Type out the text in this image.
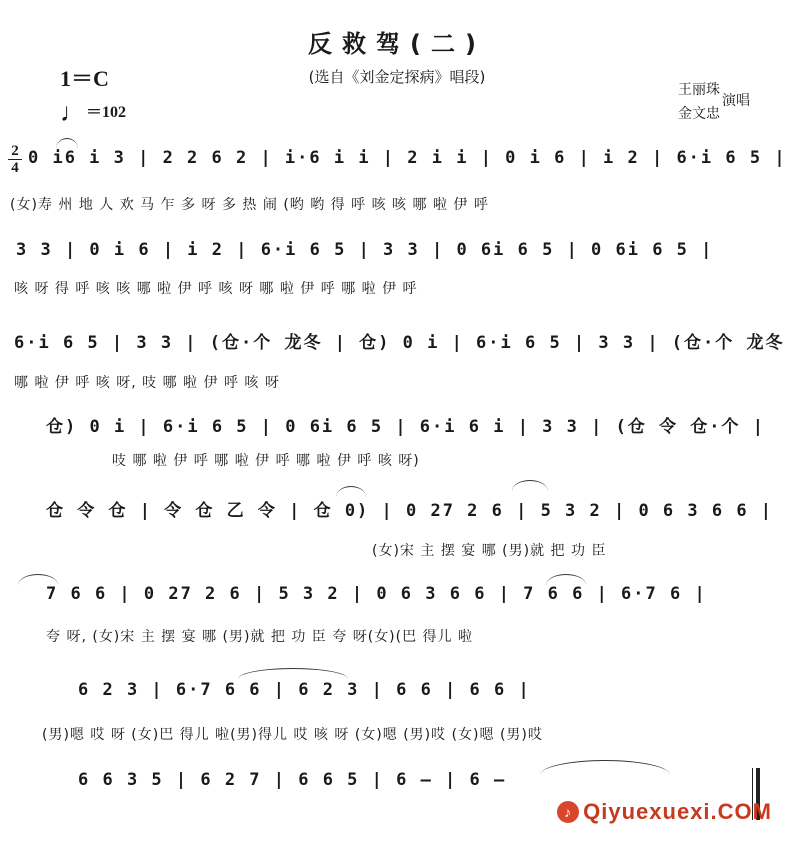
反救驾(二)
(选自《刘金定探病》唱段)
1＝C
♩＝102
王丽珠
金文忠
演唱
2
4 0 i6 i 3 | 2 2 6 2 | i·6 i i | 2 i i | 0 i 6 | i 2 | 6·i 6 5 |
(女)寿 州 地 人 欢 马 乍 多 呀 多 热 闹 (哟 哟 得 呼 咳 咳 哪 啦 伊 呼
3 3 | 0 i 6 | i 2 | 6·i 6 5 | 3 3 | 0 6i 6 5 | 0 6i 6 5 |
咳 呀 得 呼 咳 咳 哪 啦 伊 呼 咳 呀 哪 啦 伊 呼 哪 啦 伊 呼
6·i 6 5 | 3 3 | (仓·个 龙冬 | 仓) 0 i | 6·i 6 5 | 3 3 | (仓·个 龙冬
哪 啦 伊 呼 咳 呀, 吱 哪 啦 伊 呼 咳 呀
仓) 0 i | 6·i 6 5 | 0 6i 6 5 | 6·i 6 i | 3 3 | (仓 令 仓·个 |
吱 哪 啦 伊 呼 哪 啦 伊 呼 哪 啦 伊 呼 咳 呀)
仓 令 仓 | 令 仓 乙 令 | 仓 0) | 0 27 2 6 | 5 3 2 | 0 6 3 6 6 |
(女)宋 主 摆 宴 哪 (男)就 把 功 臣
7 6 6 | 0 27 2 6 | 5 3 2 | 0 6 3 6 6 | 7 6 6 | 6·7 6 |
夸 呀, (女)宋 主 摆 宴 哪 (男)就 把 功 臣 夸 呀(女)(巴 得儿 啦
6 2 3 | 6·7 6 6 | 6 2 3 | 6 6 | 6 6 |
(男)嗯 哎 呀 (女)巴 得儿 啦(男)得儿 哎 咳 呀 (女)嗯 (男)哎 (女)嗯 (男)哎
6 6 3 5 | 6 2 7 | 6 6 5 | 6 – | 6 –
♪ Qiyuexuexi.COM
